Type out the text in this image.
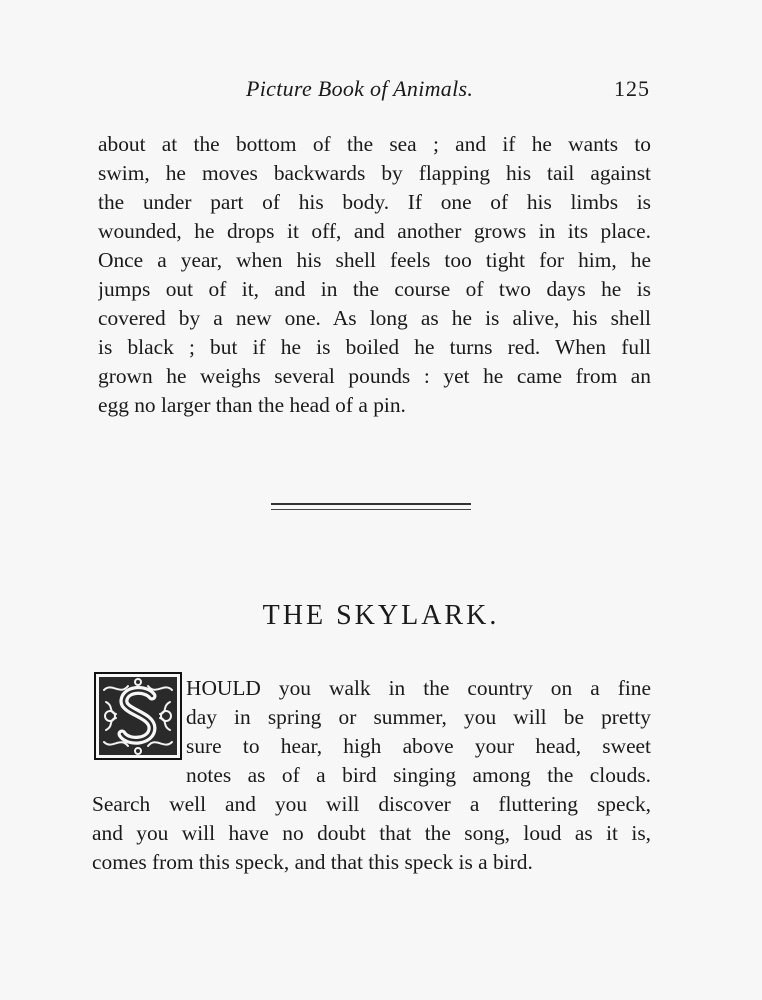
Picture Book of Animals.	125
about at the bottom of the sea ; and if he wants to
swim, he moves backwards by flapping his tail against
the under part of his body. If one of his limbs is
wounded, he drops it off, and another grows in its place.
Once a year, when his shell feels too tight for him, he
jumps out of it, and in the course of two days he is
covered by a new one. As long as he is alive, his shell
is black ; but if he is boiled he turns red. When full
grown he weighs several pounds : yet he came from an
egg no larger than the head of a pin.
THE SKYLARK.
HOULD you walk in the country on a fine
day in spring or summer, you will be pretty
sure to hear, high above your head, sweet
notes as of a bird singing among the clouds.
Search well and you will discover a fluttering speck,
and you will have no doubt that the song, loud as it is,
comes from this speck, and that this speck is a bird.
